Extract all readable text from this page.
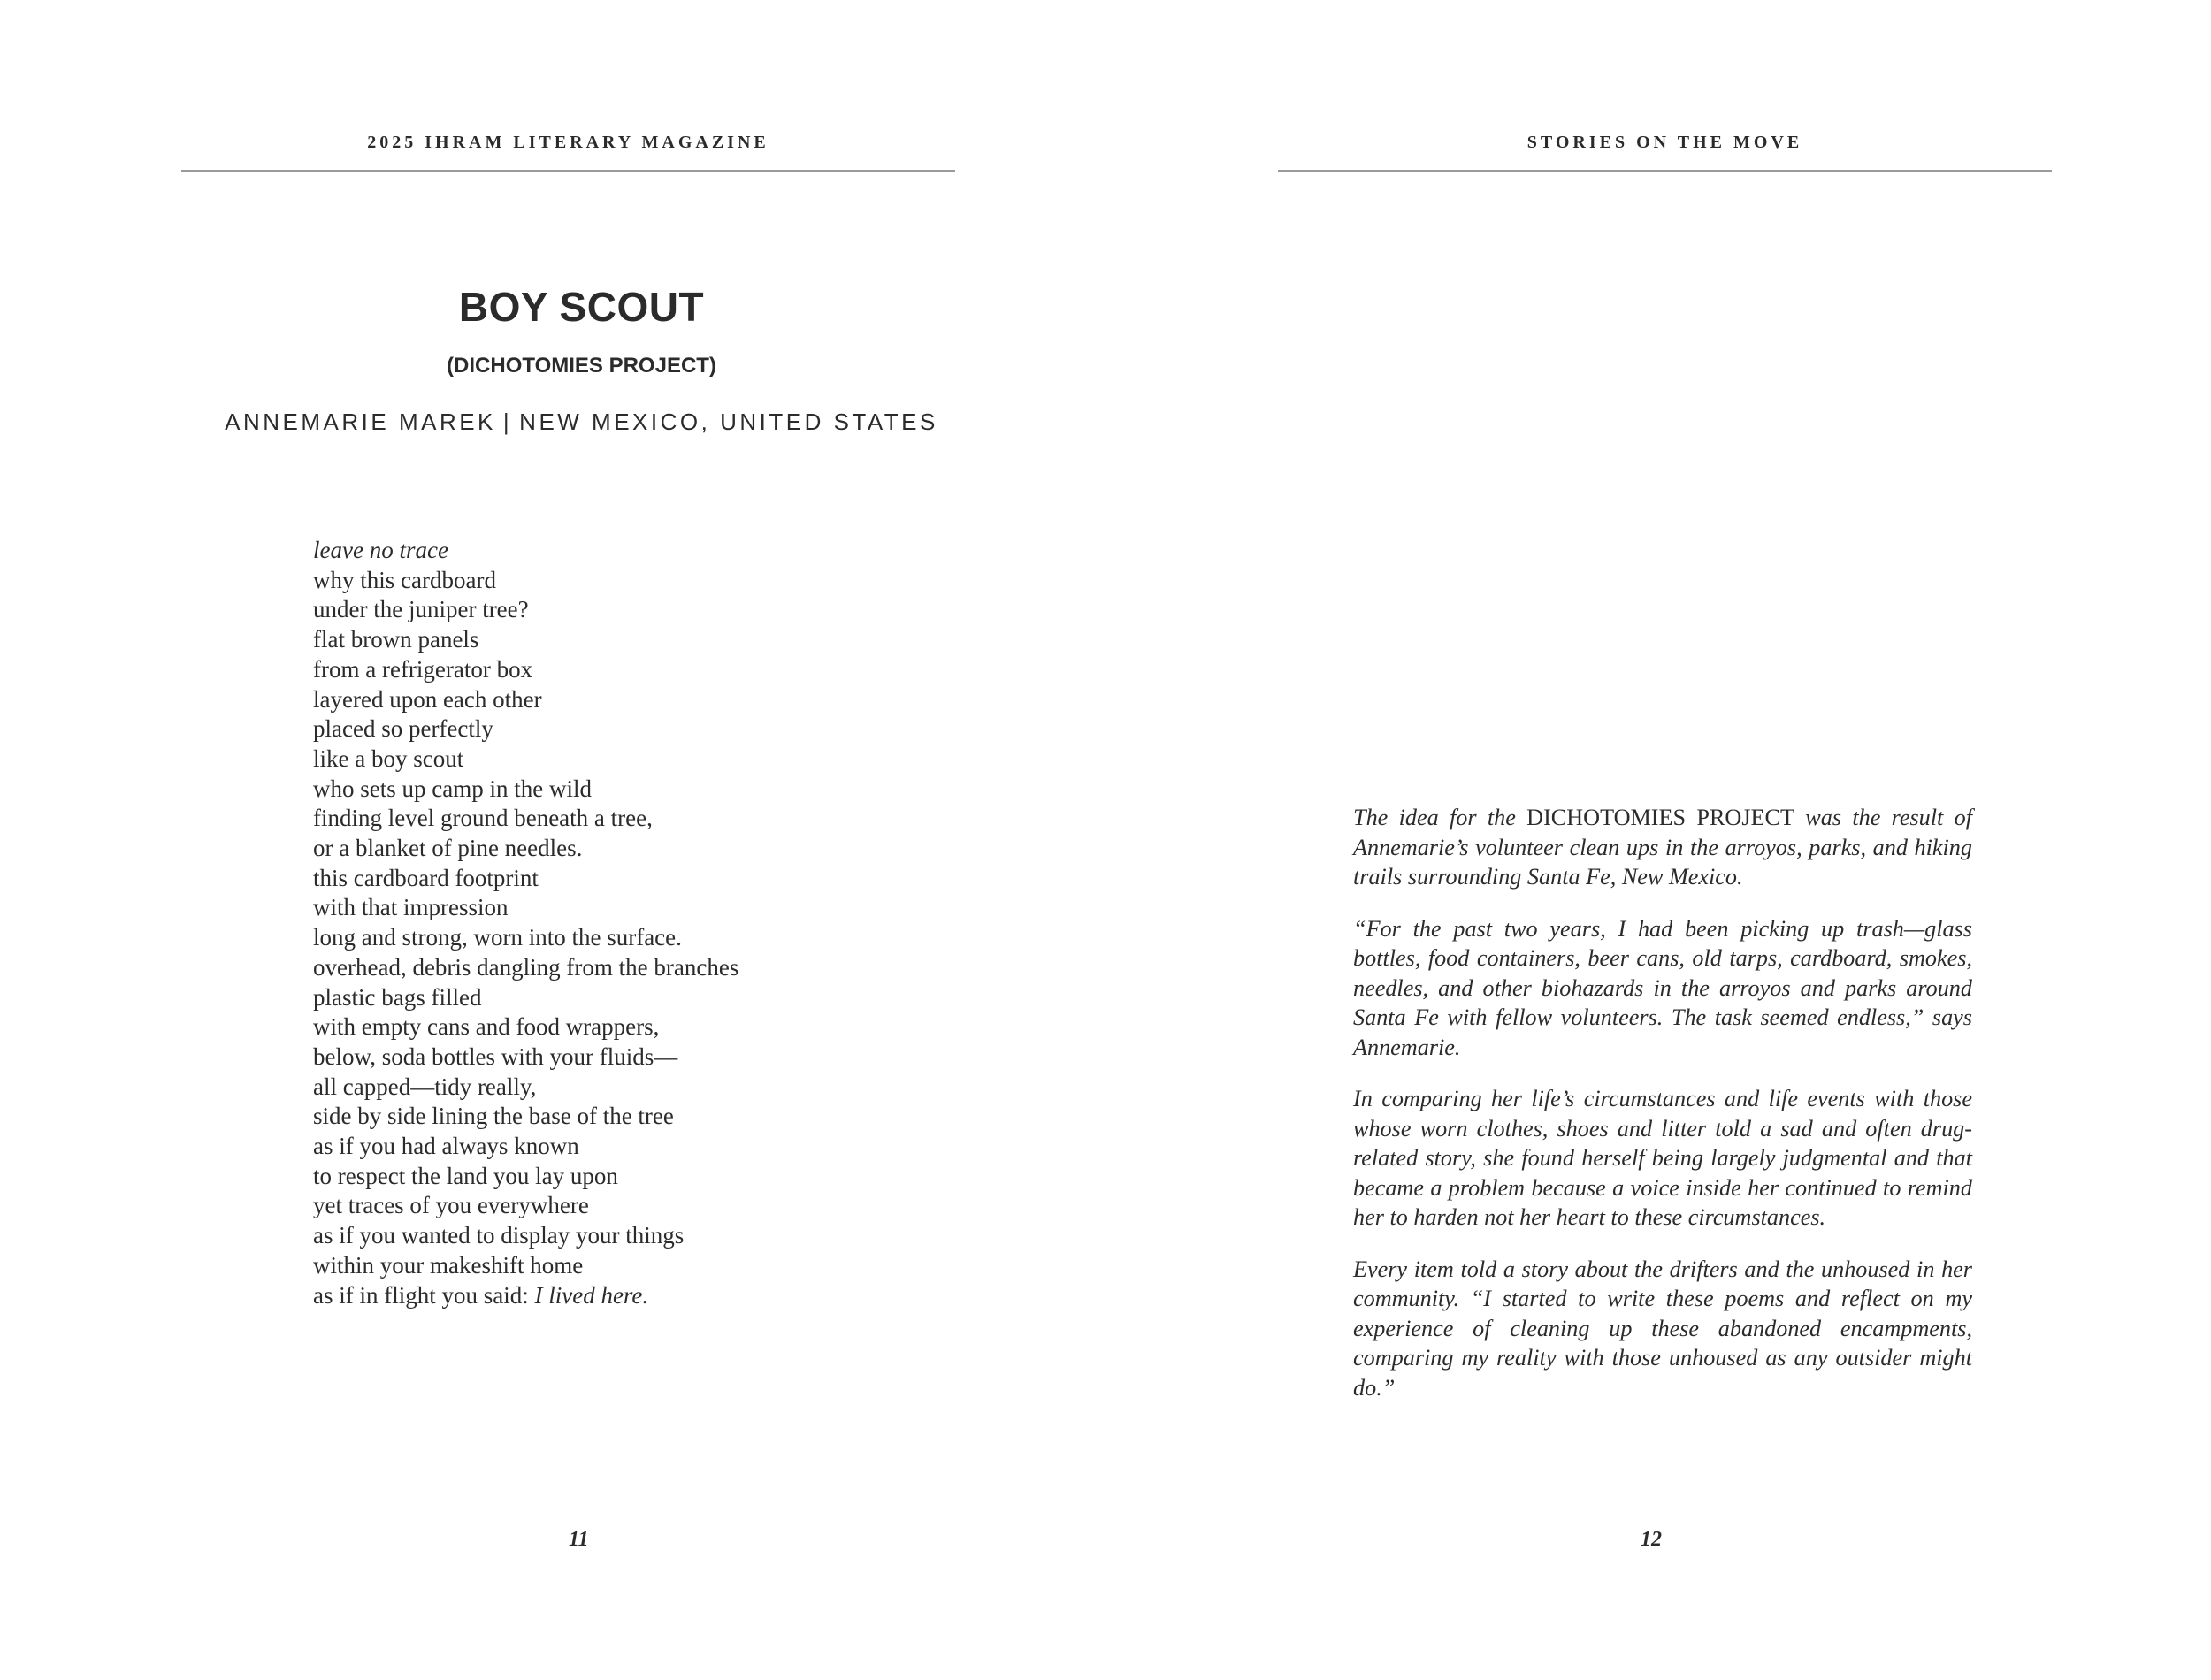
2025 IHRAM LITERARY MAGAZINE
BOY SCOUT
(DICHOTOMIES PROJECT)
ANNEMARIE MAREK | NEW MEXICO, UNITED STATES
leave no trace
why this cardboard
under the juniper tree?
flat brown panels
from a refrigerator box
layered upon each other
placed so perfectly
like a boy scout
who sets up camp in the wild
finding level ground beneath a tree,
or a blanket of pine needles.
this cardboard footprint
with that impression
long and strong, worn into the surface.
overhead, debris dangling from the branches
plastic bags filled
with empty cans and food wrappers,
below, soda bottles with your fluids—
all capped—tidy really,
side by side lining the base of the tree
as if you had always known
to respect the land you lay upon
yet traces of you everywhere
as if you wanted to display your things
within your makeshift home
as if in flight you said: I lived here.
11
STORIES ON THE MOVE

The idea for the DICHOTOMIES PROJECT was the result of Annemarie’s volunteer clean ups in the arroyos, parks, and hiking trails surrounding Santa Fe, New Mexico.

“For the past two years, I had been picking up trash—glass bottles, food containers, beer cans, old tarps, cardboard, smokes, needles, and other biohazards in the arroyos and parks around Santa Fe with fellow volunteers. The task seemed endless,” says Annemarie.

In comparing her life’s circumstances and life events with those whose worn clothes, shoes and litter told a sad and often drug-related story, she found herself being largely judgmental and that became a problem because a voice inside her continued to remind her to harden not her heart to these circumstances.

Every item told a story about the drifters and the unhoused in her community. “I started to write these poems and reflect on my experience of cleaning up these abandoned encampments, comparing my reality with those unhoused as any outsider might do.”

12
